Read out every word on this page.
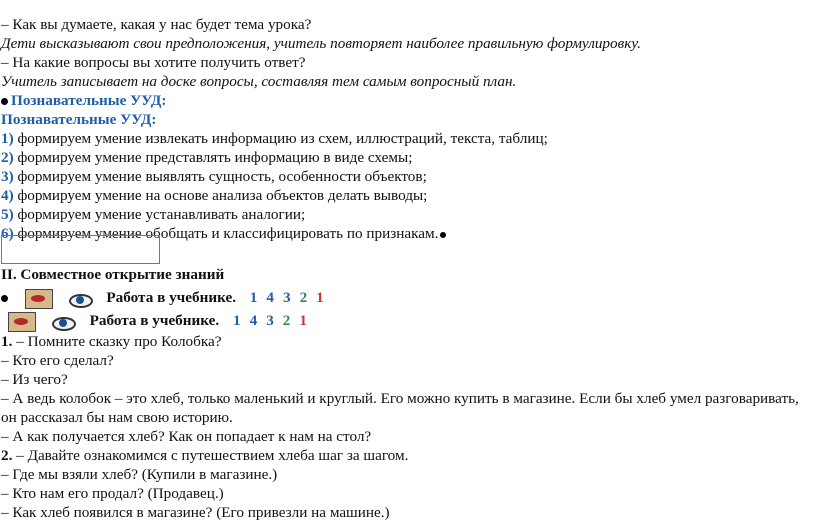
– Как вы думаете, какая у нас будет тема урока?
Дети высказывают свои предположения, учитель повторяет наиболее правильную формулировку.
– На какие вопросы вы хотите получить ответ?
Учитель записывает на доске вопросы, составляя тем самым вопросный план.
Познавательные УУД:
Познавательные УУД:
1) формируем умение извлекать информацию из схем, иллюстраций, текста, таблиц;
2) формируем умение представлять информацию в виде схемы;
3) формируем умение выявлять сущность, особенности объектов;
4) формируем умение на основе анализа объектов делать выводы;
5) формируем умение устанавливать аналогии;
6) формируем умение обобщать и классифицировать по признакам.
II. Совместное открытие знаний
Работа в учебнике. 1 4 3 2 1
Работа в учебнике. 1 4 3 2 1
1. – Помните сказку про Колобка?
– Кто его сделал?
– Из чего?
– А ведь колобок – это хлеб, только маленький и круглый. Его можно купить в магазине. Если бы хлеб умел разговаривать,
он рассказал бы нам свою историю.
– А как получается хлеб? Как он попадает к нам на стол?
2. – Давайте ознакомимся с путешествием хлеба шаг за шагом.
– Где мы взяли хлеб? (Купили в магазине.)
– Кто нам его продал? (Продавец.)
– Как хлеб появился в магазине? (Его привезли на машине.)
